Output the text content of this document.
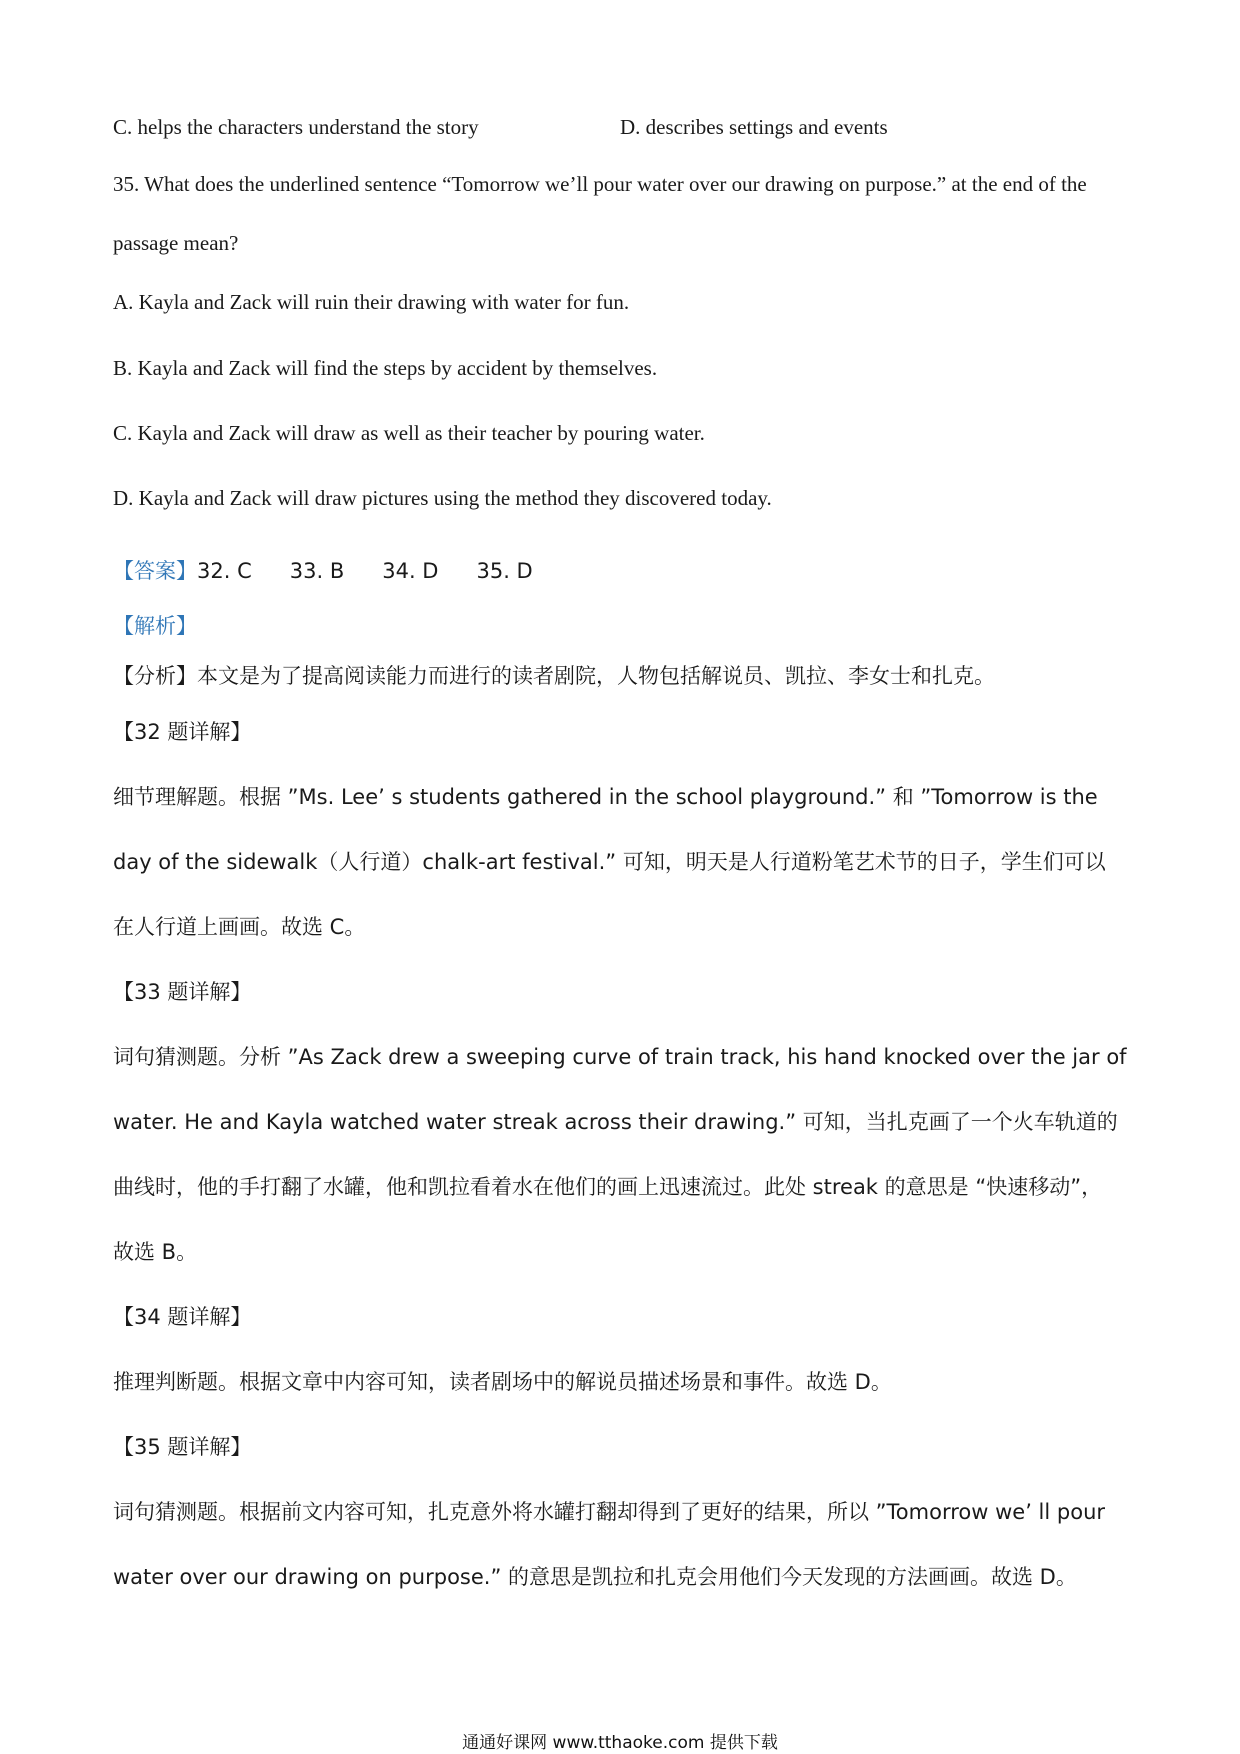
C. helps the characters understand the story	D. describes settings and events
35. What does the underlined sentence “Tomorrow we’ll pour water over our drawing on purpose.” at the end of the
passage mean?
A. Kayla and Zack will ruin their drawing with water for fun.
B. Kayla and Zack will find the steps by accident by themselves.
C. Kayla and Zack will draw as well as their teacher by pouring water.
D. Kayla and Zack will draw pictures using the method they discovered today.
【答案】32. C 33. B 34. D 35. D
【解析】
【分析】本文是为了提高阅读能力而进行的读者剧院，人物包括解说员、凯拉、李女士和扎克。
【32 题详解】
细节理解题。根据 ”Ms. Lee’ s students gathered in the school playground.” 和 ”Tomorrow is the
day of the sidewalk（人行道）chalk-art festival.” 可知，明天是人行道粉笔艺术节的日子，学生们可以
在人行道上画画。故选 C。
【33 题详解】
词句猜测题。分析 ”As Zack drew a sweeping curve of train track, his hand knocked over the jar of
water. He and Kayla watched water streak across their drawing.” 可知，当扎克画了一个火车轨道的
曲线时，他的手打翻了水罐，他和凯拉看着水在他们的画上迅速流过。此处 streak 的意思是 “快速移动”，
故选 B。
【34 题详解】
推理判断题。根据文章中内容可知，读者剧场中的解说员描述场景和事件。故选 D。
【35 题详解】
词句猜测题。根据前文内容可知，扎克意外将水罐打翻却得到了更好的结果，所以 ”Tomorrow we’ ll pour
water over our drawing on purpose.” 的意思是凯拉和扎克会用他们今天发现的方法画画。故选 D。
通通好课网 www.tthaoke.com 提供下载
